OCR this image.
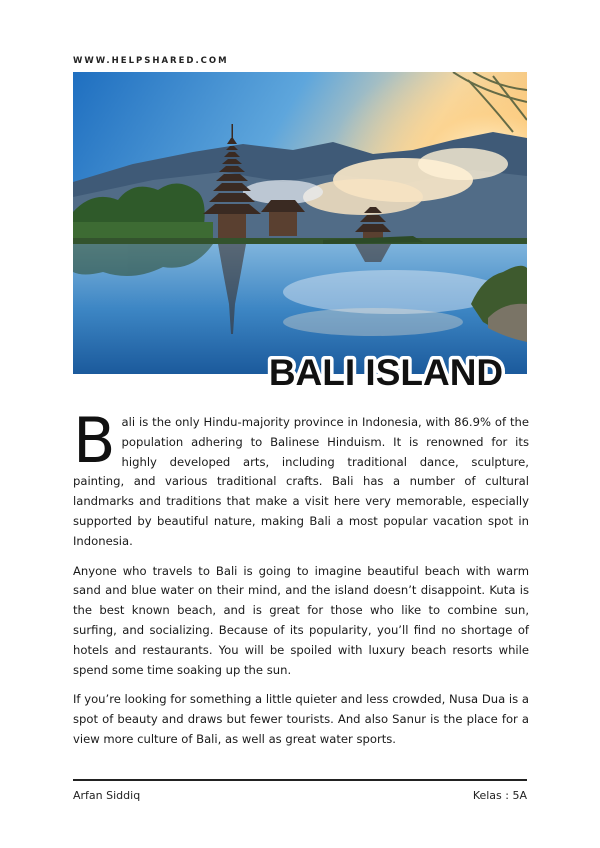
WWW.HELPSHARED.COM
BALI ISLAND

Bali is the only Hindu-majority province in Indonesia, with 86.9% of the population adhering to Balinese Hinduism. It is renowned for its highly developed arts, including traditional dance, sculpture, painting, and various traditional crafts. Bali has a number of cultural landmarks and traditions that make a visit here very memorable, especially supported by beautiful nature, making Bali a most popular vacation spot in Indonesia.

Anyone who travels to Bali is going to imagine beautiful beach with warm sand and blue water on their mind, and the island doesn’t disappoint. Kuta is the best known beach, and is great for those who like to combine sun, surfing, and socializing. Because of its popularity, you’ll find no shortage of hotels and restaurants. You will be spoiled with luxury beach resorts while spend some time soaking up the sun.

If you’re looking for something a little quieter and less crowded, Nusa Dua is a spot of beauty and draws but fewer tourists. And also Sanur is the place for a view more culture of Bali, as well as great water sports.

Arfan Siddiq	Kelas : 5A
